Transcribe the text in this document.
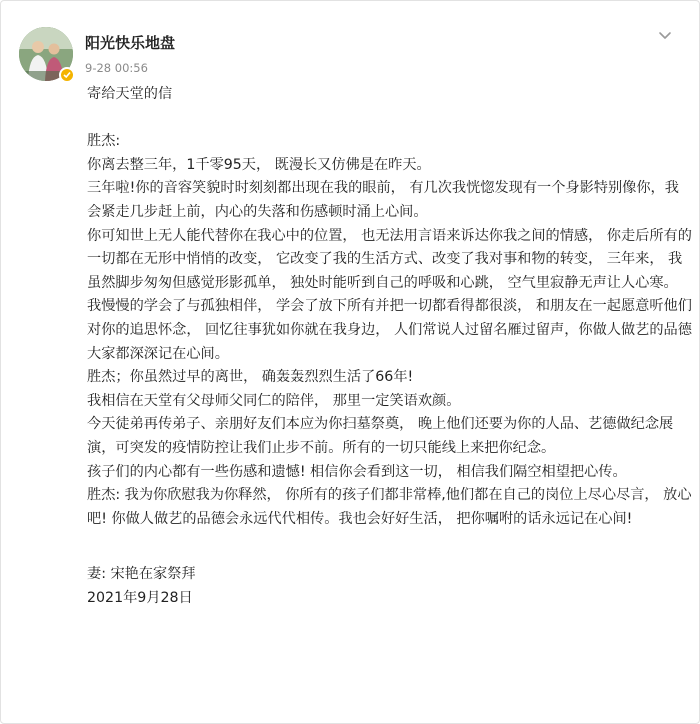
阳光快乐地盘
9-28 00:56

寄给天堂的信

胜杰:

你离去整三年，1千零95天， 既漫长又仿佛是在昨天。

三年啦!你的音容笑貌时时刻刻都出现在我的眼前， 有几次我恍惚发现有一个身影特别像你，我会紧走几步赶上前，内心的失落和伤感顿时涌上心间。

你可知世上无人能代替你在我心中的位置， 也无法用言语来诉达你我之间的情感， 你走后所有的一切都在无形中悄悄的改变， 它改变了我的生活方式、改变了我对事和物的转变， 三年来， 我虽然脚步匆匆但感觉形影孤单， 独处时能听到自己的呼吸和心跳， 空气里寂静无声让人心寒。

我慢慢的学会了与孤独相伴， 学会了放下所有并把一切都看得都很淡， 和朋友在一起愿意听他们对你的追思怀念， 回忆往事犹如你就在我身边， 人们常说人过留名雁过留声，你做人做艺的品德大家都深深记在心间。

胜杰；你虽然过早的离世， 确轰轰烈烈生活了66年!

我相信在天堂有父母师父同仁的陪伴， 那里一定笑语欢颜。

今天徒弟再传弟子、亲朋好友们本应为你扫墓祭奠， 晚上他们还要为你的人品、艺德做纪念展演，可突发的疫情防控让我们止步不前。所有的一切只能线上来把你纪念。

孩子们的内心都有一些伤感和遗憾! 相信你会看到这一切， 相信我们隔空相望把心传。

胜杰: 我为你欣慰我为你释然， 你所有的孩子们都非常棒,他们都在自己的岗位上尽心尽言， 放心吧! 你做人做艺的品德会永远代代相传。我也会好好生活， 把你嘱咐的话永远记在心间!

妻: 宋艳在家祭拜

2021年9月28日
